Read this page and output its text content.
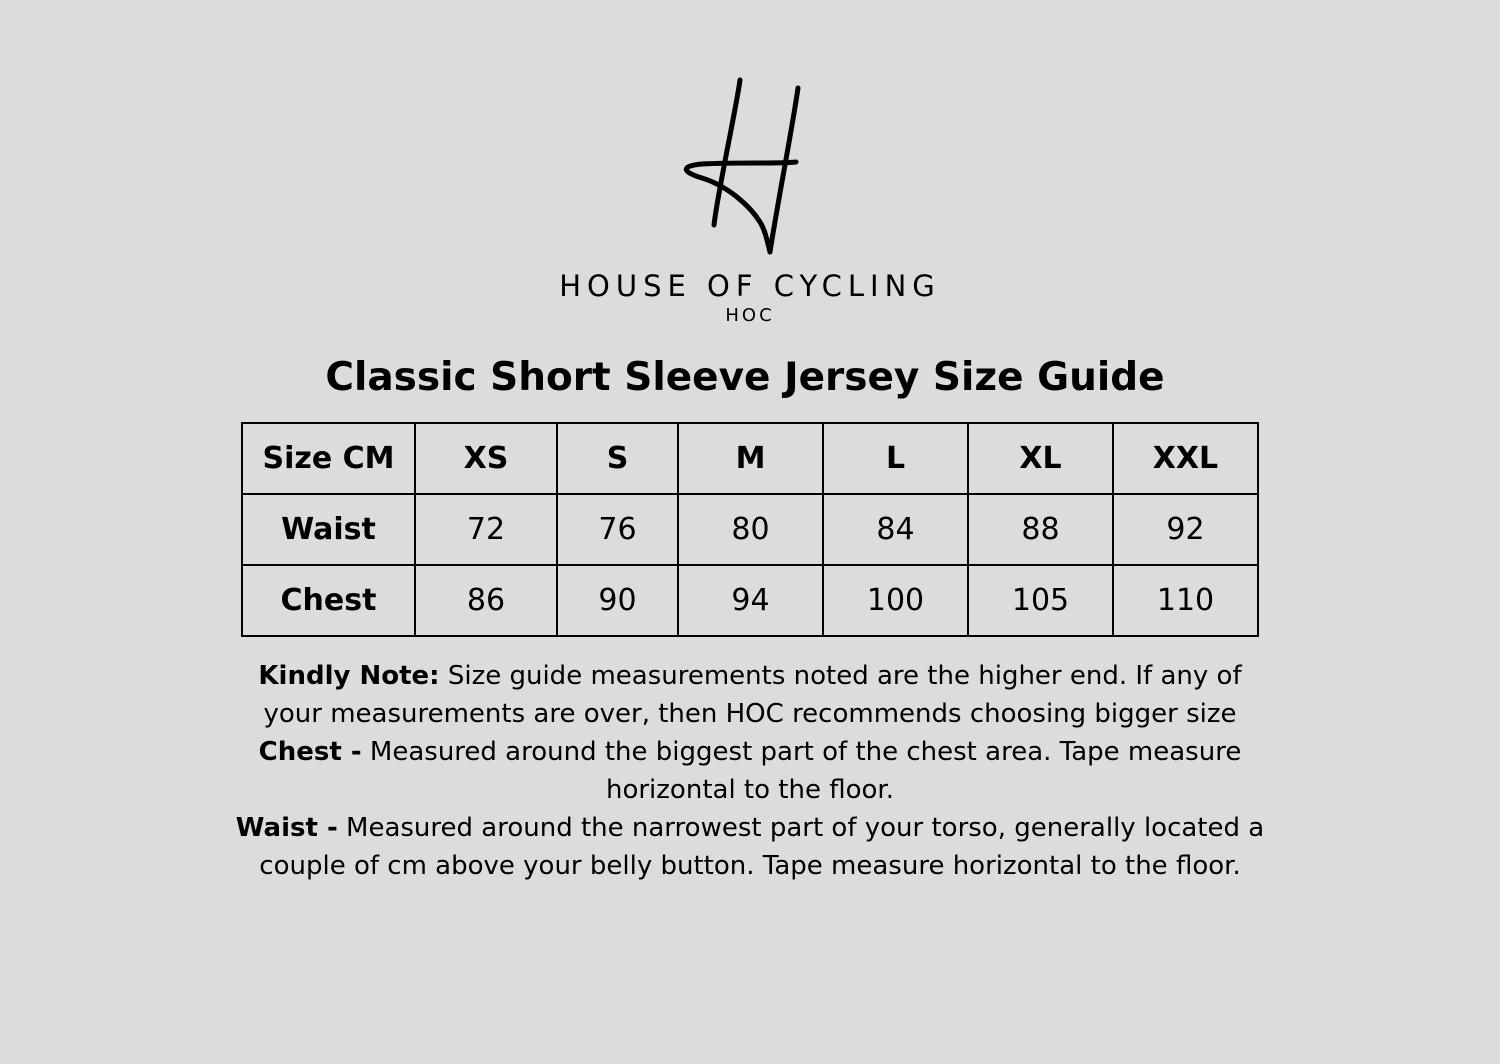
HOUSE OF CYCLING
HOC
Classic Short Sleeve Jersey Size Guide
Size CM	XS	S	M	L	XL	XXL
Waist	72	76	80	84	88	92
Chest	86	90	94	100	105	110

Kindly Note: Size guide measurements noted are the higher end. If any of your measurements are over, then HOC recommends choosing bigger size

Chest - Measured around the biggest part of the chest area. Tape measure horizontal to the floor.

Waist - Measured around the narrowest part of your torso, generally located a couple of cm above your belly button. Tape measure horizontal to the floor.
